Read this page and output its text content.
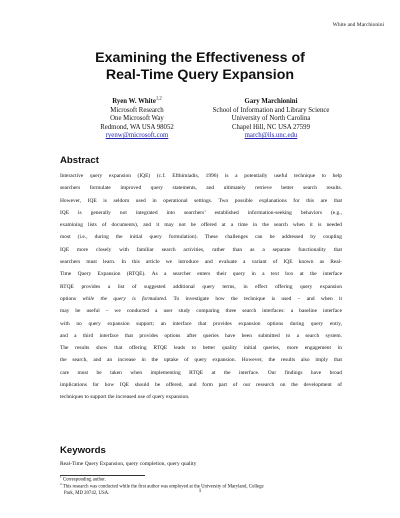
White and Marchionini
Examining the Effectiveness of
Real-Time Query Expansion
Ryen W. White$^{1,2}$
Microsoft Research
One Microsoft Way
Redmond, WA USA 98052
ryenw@microsoft.com
Gary Marchionini
School of Information and Library Science
University of North Carolina
Chapel Hill, NC USA 27599
march@ils.unc.edu
Abstract
Interactive query expansion (IQE) (c.f. Efthimiadis, 1996) is a potentially useful technique to help
searchers formulate improved query statements, and ultimately retrieve better search results.
However, IQE is seldom used in operational settings. Two possible explanations for this are that
IQE is generally not integrated into searchers’ established information-seeking behaviors (e.g.,
examining lists of documents), and it may not be offered at a time in the search when it is needed
most (i.e., during the initial query formulation). These challenges can be addressed by coupling
IQE more closely with familiar search activities, rather than as a separate functionality that
searchers must learn. In this article we introduce and evaluate a variant of IQE known as Real-
Time Query Expansion (RTQE). As a searcher enters their query in a text box at the interface
RTQE provides a list of suggested additional query terms, in effect offering query expansion
options while the query is formulated. To investigate how the technique is used – and when it
may be useful – we conducted a user study comparing three search interfaces: a baseline interface
with no query expansion support; an interface that provides expansion options during query entry,
and a third interface that provides options after queries have been submitted to a search system.
The results show that offering RTQE leads to better quality initial queries, more engagement in
the search, and an increase in the uptake of query expansion. However, the results also imply that
care must be taken when implementing RTQE at the interface. Our findings have broad
implications for how IQE should be offered, and form part of our research on the development of
techniques to support the increased use of query expansion.
Keywords
Real-Time Query Expansion, query completion, query quality
$^1$ Corresponding author.
$^2$ This research was conducted while the first author was employed at the University of Maryland, College
Park, MD 20742, USA.	1
